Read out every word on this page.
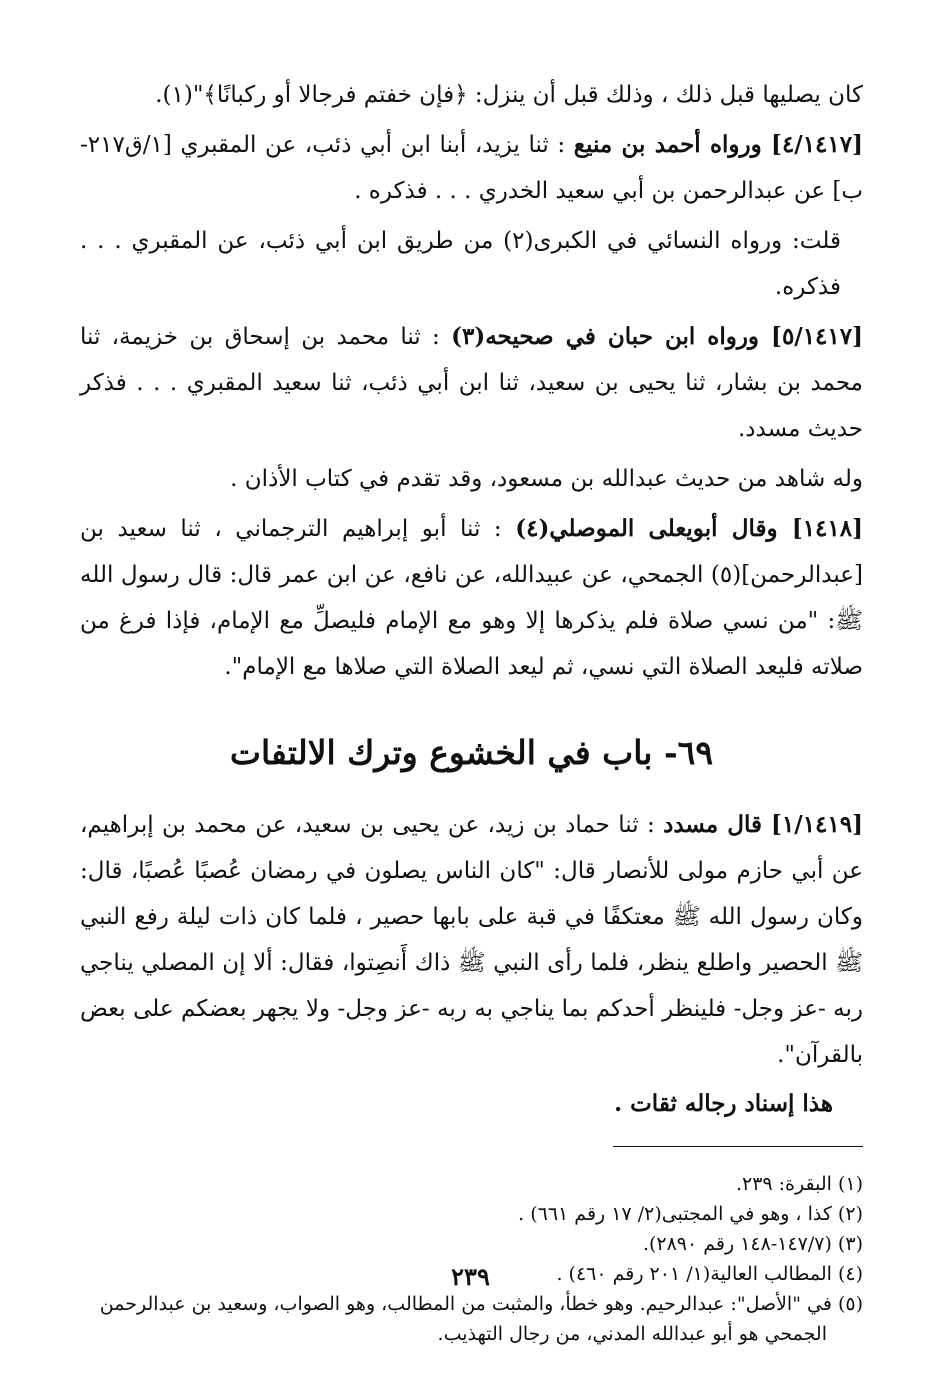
كان يصليها قبل ذلك ، وذلك قبل أن ينزل: ﴿فإن خفتم فرجالا أو ركبانًا﴾"(١).

[٤/١٤١٧] ورواه أحمد بن منيع : ثنا يزيد، أبنا ابن أبي ذئب، عن المقبري [١/ق٢١٧-ب] عن عبدالرحمن بن أبي سعيد الخدري . . . فذكره .

قلت: ورواه النسائي في الكبرى(٢) من طريق ابن أبي ذئب، عن المقبري . . . فذكره.

[٥/١٤١٧] ورواه ابن حبان في صحيحه(٣) : ثنا محمد بن إسحاق بن خزيمة، ثنا محمد بن بشار، ثنا يحيى بن سعيد، ثنا ابن أبي ذئب، ثنا سعيد المقبري . . . فذكر حديث مسدد.

وله شاهد من حديث عبدالله بن مسعود، وقد تقدم في كتاب الأذان .

[١٤١٨] وقال أبويعلى الموصلي(٤) : ثنا أبو إبراهيم الترجماني ، ثنا سعيد بن [عبدالرحمن](٥) الجمحي، عن عبيدالله، عن نافع، عن ابن عمر قال: قال رسول الله ﷺ: "من نسي صلاة فلم يذكرها إلا وهو مع الإمام فليصلِّ مع الإمام، فإذا فرغ من صلاته فليعد الصلاة التي نسي، ثم ليعد الصلاة التي صلاها مع الإمام".

٦٩- باب في الخشوع وترك الالتفات

[١/١٤١٩] قال مسدد : ثنا حماد بن زيد، عن يحيى بن سعيد، عن محمد بن إبراهيم، عن أبي حازم مولى للأنصار قال: "كان الناس يصلون في رمضان عُصبًا عُصبًا، قال: وكان رسول الله ﷺ معتكفًا في قبة على بابها حصير ، فلما كان ذات ليلة رفع النبي ﷺ الحصير واطلع ينظر، فلما رأى النبي ﷺ ذاك أَنصِتوا، فقال: ألا إن المصلي يناجي ربه -عز وجل- فلينظر أحدكم بما يناجي به ربه -عز وجل- ولا يجهر بعضكم على بعض بالقرآن".

هذا إسناد رجاله ثقات .

(١) البقرة: ٢٣٩.

(٢) كذا ، وهو في المجتبى(٢/ ١٧ رقم ٦٦١) .

(٣) (١٤٧/٧-١٤٨ رقم ٢٨٩٠).

(٤) المطالب العالية(١/ ٢٠١ رقم ٤٦٠) .

(٥) في "الأصل": عبدالرحيم. وهو خطأ، والمثبت من المطالب، وهو الصواب، وسعيد بن عبدالرحمن

الجمحي هو أبو عبدالله المدني، من رجال التهذيب.

٢٣٩
